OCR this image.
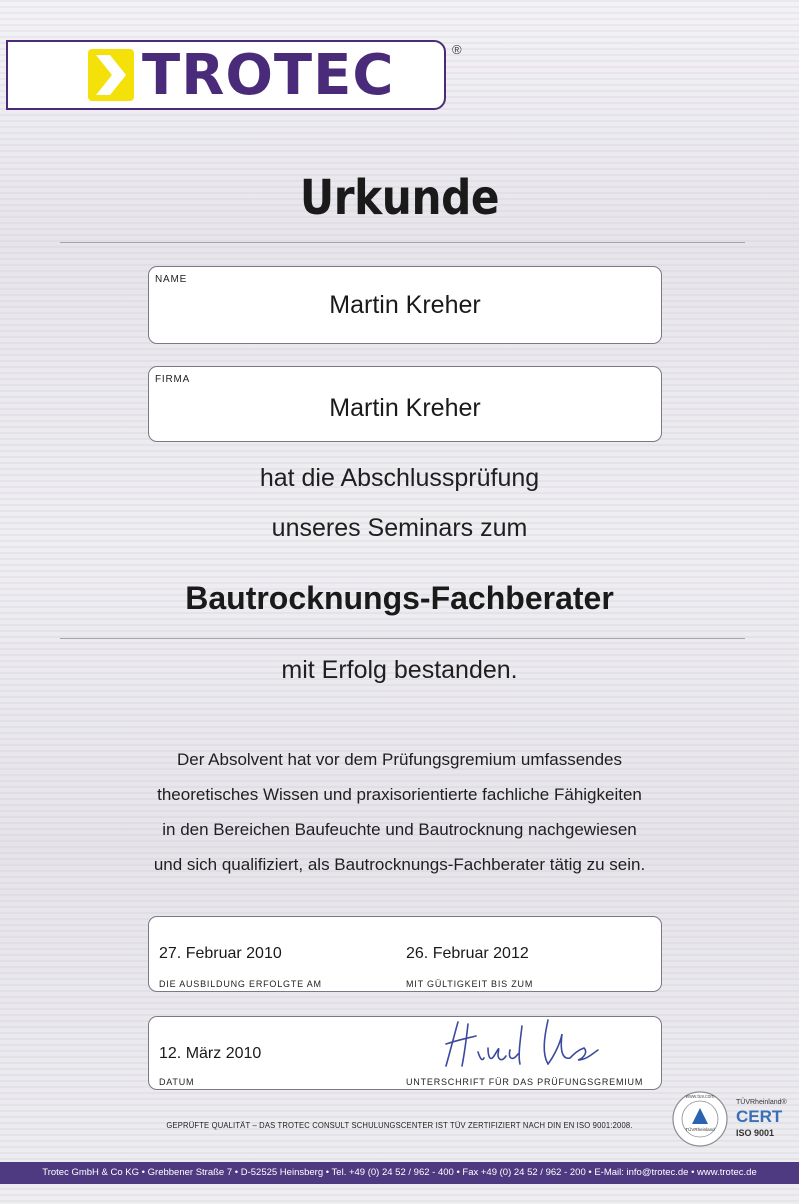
TROTEC	®
Urkunde
NAME
Martin Kreher
FIRMA
Martin Kreher
hat die Abschlussprüfung
unseres Seminars zum
Bautrocknungs-Fachberater
mit Erfolg bestanden.
Der Absolvent hat vor dem Prüfungsgremium umfassendes
theoretisches Wissen und praxisorientierte fachliche Fähigkeiten
in den Bereichen Baufeuchte und Bautrocknung nachgewiesen
und sich qualifiziert, als Bautrocknungs-Fachberater tätig zu sein.
27. Februar 2010
DIE AUSBILDUNG ERFOLGTE AM
26. Februar 2012
MIT GÜLTIGKEIT BIS ZUM
12. März 2010
DATUM	UNTERSCHRIFT FÜR DAS PRÜFUNGSGREMIUM
GEPRÜFTE QUALITÄT – DAS TROTEC CONSULT SCHULUNGSCENTER IST TÜV ZERTIFIZIERT NACH DIN EN ISO 9001:2008.
www.tuv.com
TÜVRheinland
TÜVRheinland®
CERT
ISO 9001
Trotec GmbH & Co KG • Grebbener Straße 7 • D-52525 Heinsberg • Tel. +49 (0) 24 52 / 962 - 400 • Fax +49 (0) 24 52 / 962 - 200 • E-Mail: info@trotec.de • www.trotec.de
